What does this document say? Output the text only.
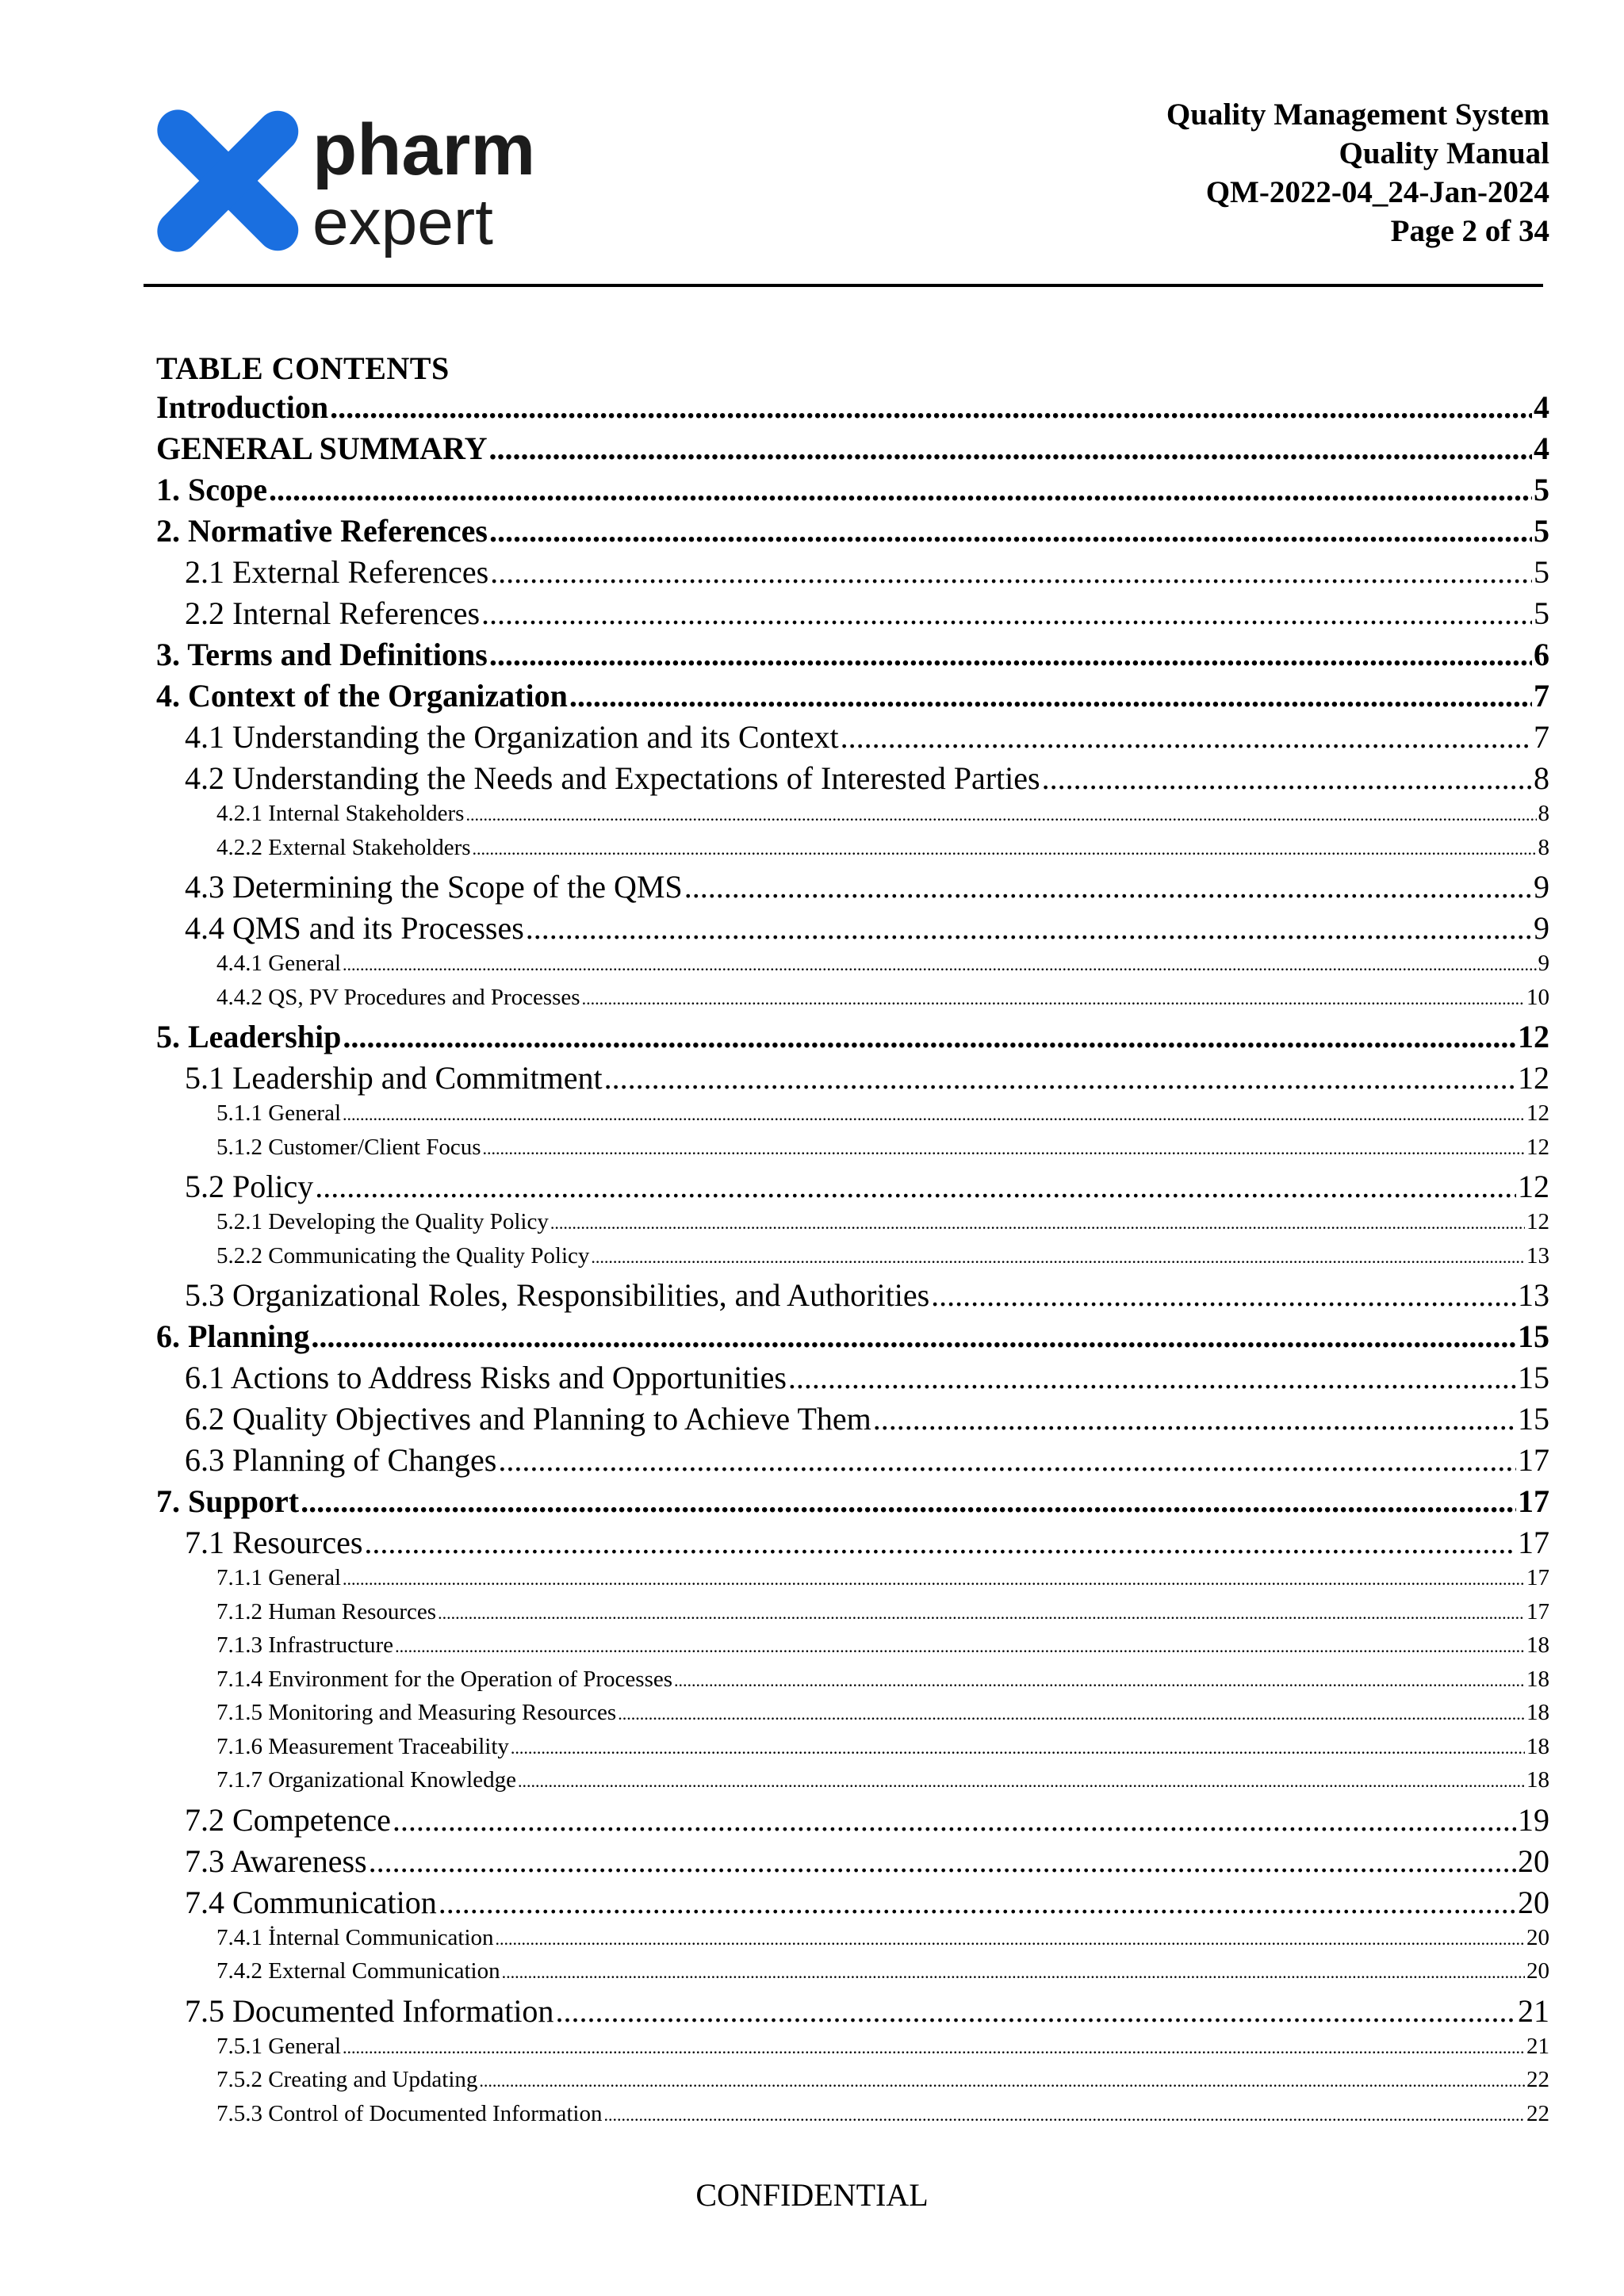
pharm
expert
Quality Management System
Quality Manual
QM-2022-04_24-Jan-2024
Page 2 of 34
TABLE CONTENTS
Introduction .....	4
GENERAL SUMMARY .....	4
1. Scope .....	5
2. Normative References .....	5
2.1 External References .....	5
2.2 Internal References .....	5
3. Terms and Definitions .....	6
4. Context of the Organization .....	7
4.1 Understanding the Organization and its Context .....	7
4.2 Understanding the Needs and Expectations of Interested Parties .....	8
4.2.1 Internal Stakeholders .....	8
4.2.2 External Stakeholders .....	8
4.3 Determining the Scope of the QMS .....	9
4.4 QMS and its Processes .....	9
4.4.1 General .....	9
4.4.2 QS, PV Procedures and Processes .....	10
5. Leadership .....	12
5.1 Leadership and Commitment .....	12
5.1.1 General .....	12
5.1.2 Customer/Client Focus .....	12
5.2 Policy .....	12
5.2.1 Developing the Quality Policy .....	12
5.2.2 Communicating the Quality Policy .....	13
5.3 Organizational Roles, Responsibilities, and Authorities .....	13
6. Planning .....	15
6.1 Actions to Address Risks and Opportunities .....	15
6.2 Quality Objectives and Planning to Achieve Them .....	15
6.3 Planning of Changes .....	17
7. Support .....	17
7.1 Resources .....	17
7.1.1 General .....	17
7.1.2 Human Resources .....	17
7.1.3 Infrastructure .....	18
7.1.4 Environment for the Operation of Processes .....	18
7.1.5 Monitoring and Measuring Resources .....	18
7.1.6 Measurement Traceability .....	18
7.1.7 Organizational Knowledge .....	18
7.2 Competence .....	19
7.3 Awareness .....	20
7.4 Communication .....	20
7.4.1 İnternal Communication .....	20
7.4.2 External Communication .....	20
7.5 Documented Information .....	21
7.5.1 General .....	21
7.5.2 Creating and Updating .....	22
7.5.3 Control of Documented Information .....	22
CONFIDENTIAL
